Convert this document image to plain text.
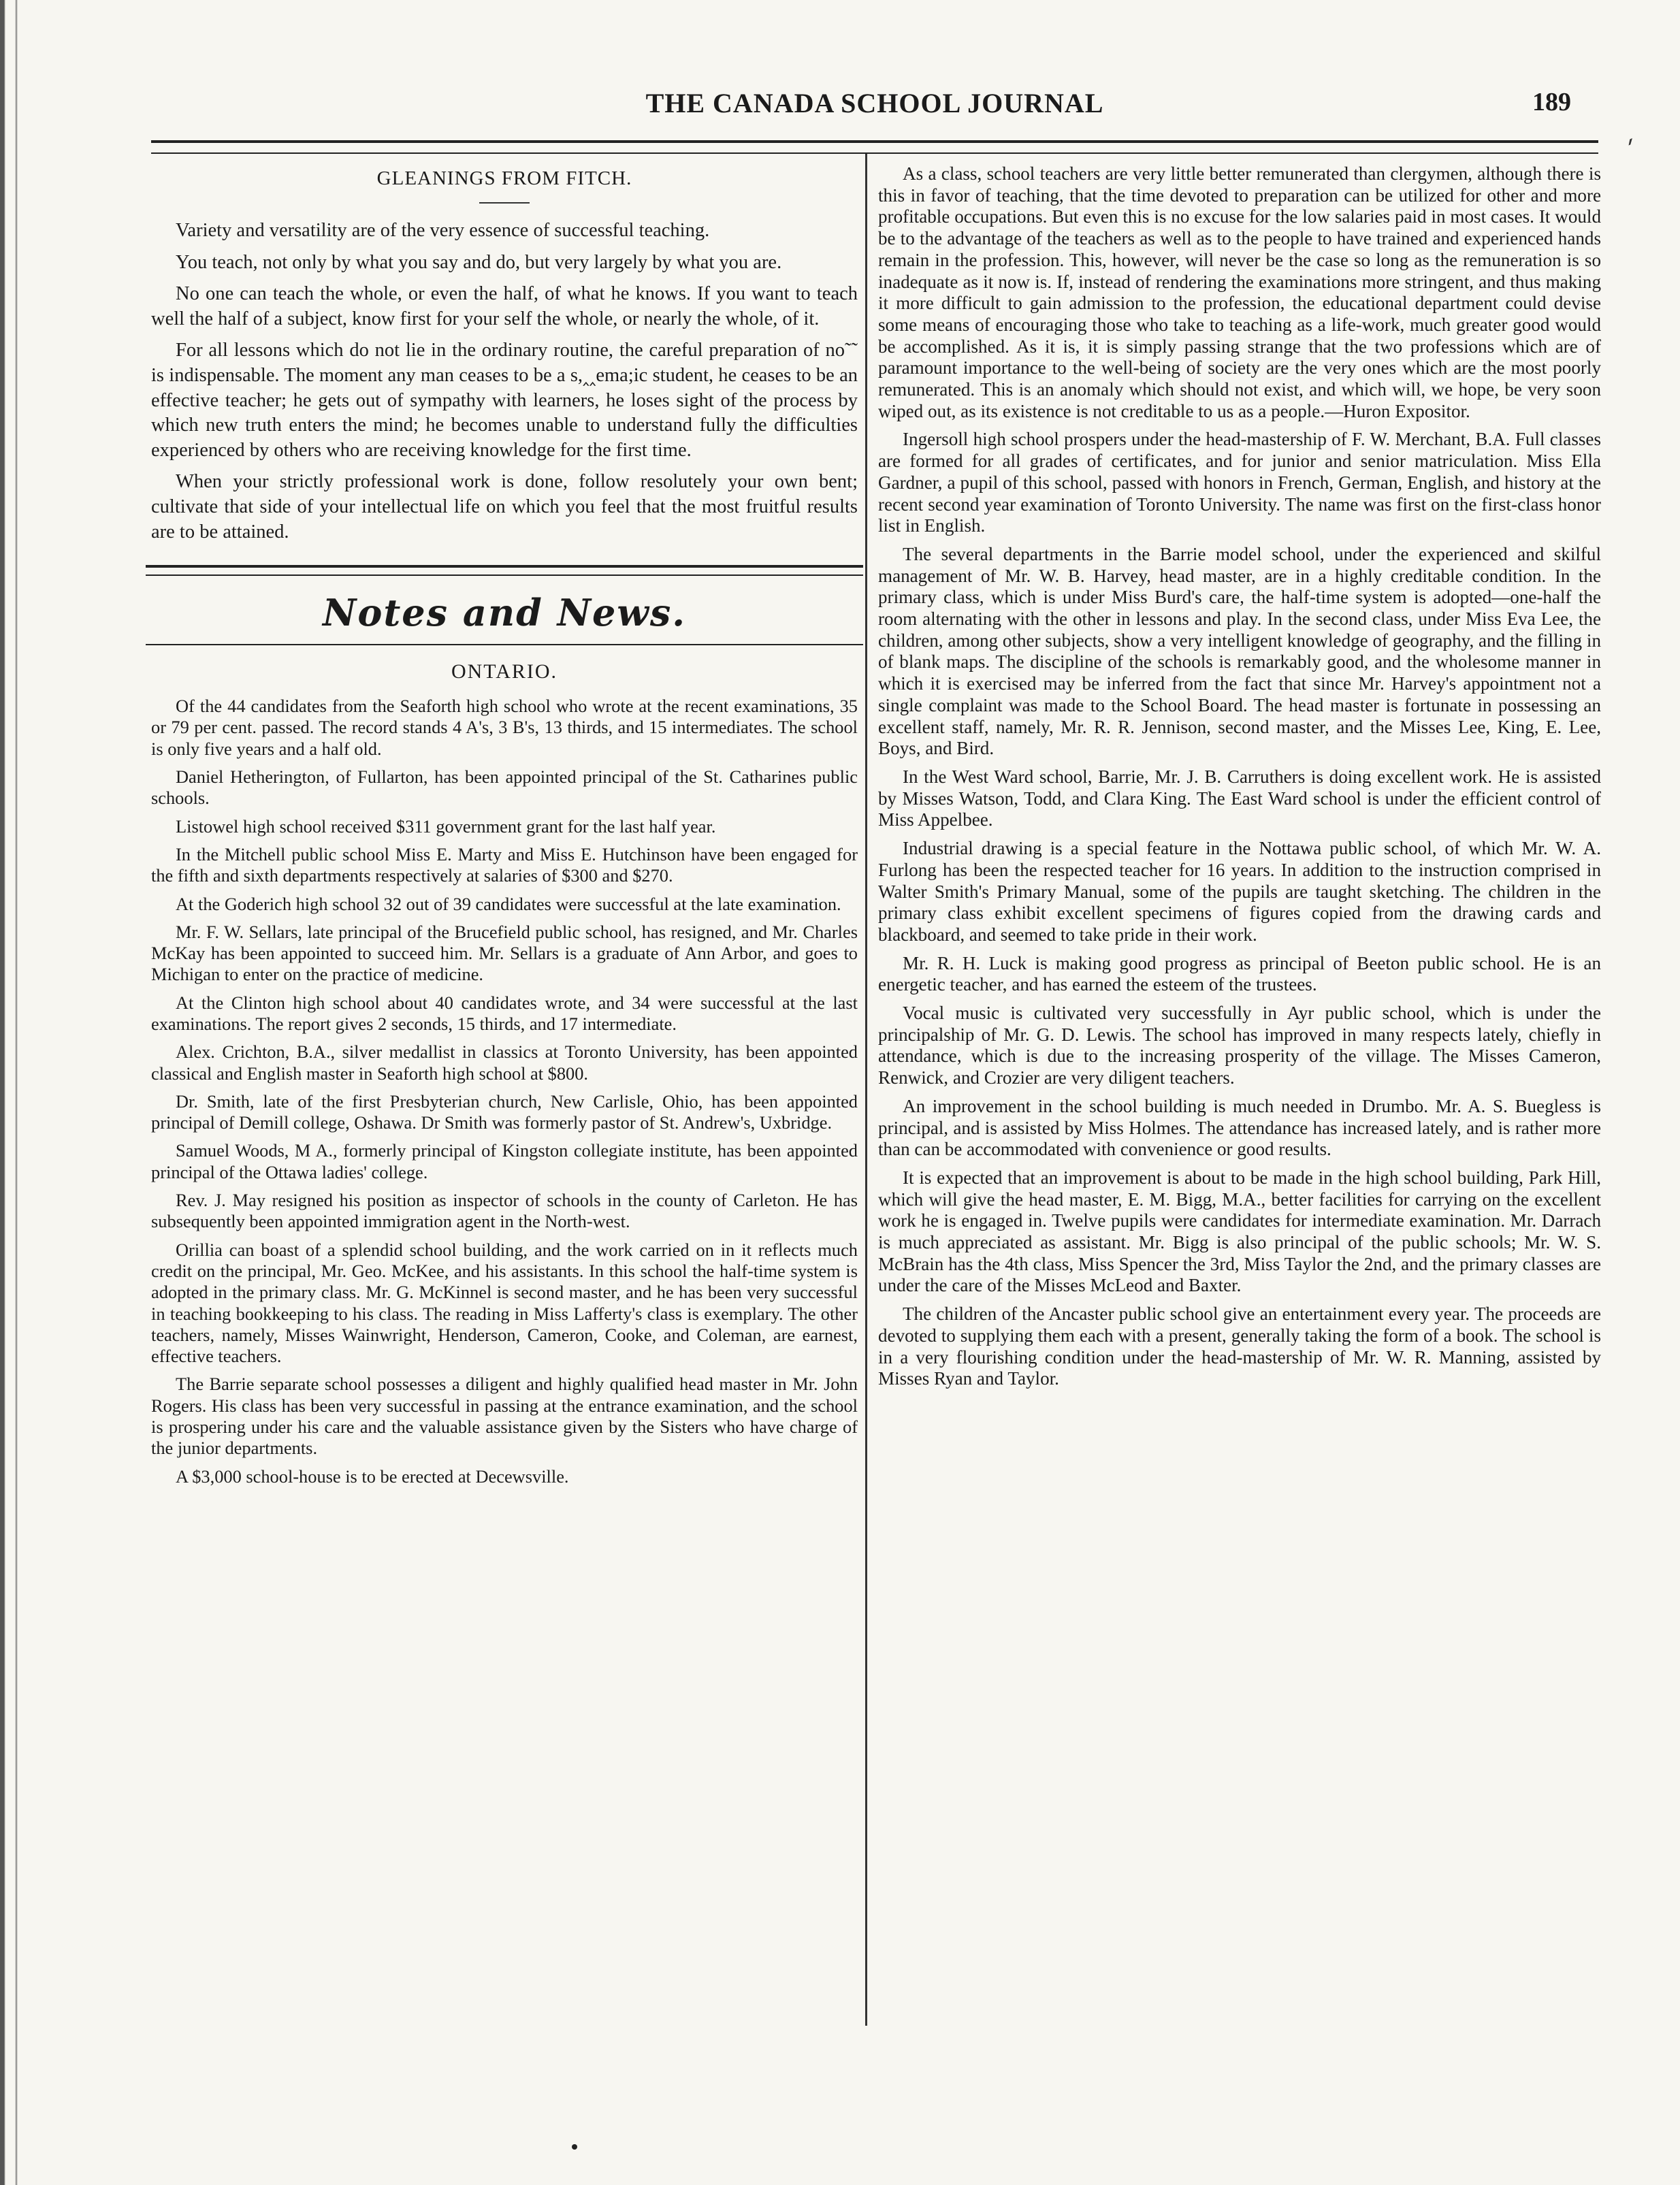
THE CANADA SCHOOL JOURNAL	189
GLEANINGS FROM FITCH.

Variety and versatility are of the very essence of successful teaching.

You teach, not only by what you say and do, but very largely by what you are.

No one can teach the whole, or even the half, of what he knows. If you want to teach well the half of a subject, know first for your self the whole, or nearly the whole, of it.

For all lessons which do not lie in the ordinary routine, the careful preparation of no˜˜ is indispensable. The moment any man ceases to be a s,‸‸ema;ic student, he ceases to be an effective teacher; he gets out of sympathy with learners, he loses sight of the process by which new truth enters the mind; he becomes unable to understand fully the difficulties experienced by others who are receiving knowledge for the first time.

When your strictly professional work is done, follow resolutely your own bent; cultivate that side of your intellectual life on which you feel that the most fruitful results are to be attained.

Notes and News.
ONTARIO.

Of the 44 candidates from the Seaforth high school who wrote at the recent examinations, 35 or 79 per cent. passed. The record stands 4 A's, 3 B's, 13 thirds, and 15 intermediates. The school is only five years and a half old.

Daniel Hetherington, of Fullarton, has been appointed principal of the St. Catharines public schools.

Listowel high school received $311 government grant for the last half year.

In the Mitchell public school Miss E. Marty and Miss E. Hutchinson have been engaged for the fifth and sixth departments respectively at salaries of $300 and $270.

At the Goderich high school 32 out of 39 candidates were successful at the late examination.

Mr. F. W. Sellars, late principal of the Brucefield public school, has resigned, and Mr. Charles McKay has been appointed to succeed him. Mr. Sellars is a graduate of Ann Arbor, and goes to Michigan to enter on the practice of medicine.

At the Clinton high school about 40 candidates wrote, and 34 were successful at the last examinations. The report gives 2 seconds, 15 thirds, and 17 intermediate.

Alex. Crichton, B.A., silver medallist in classics at Toronto University, has been appointed classical and English master in Seaforth high school at $800.

Dr. Smith, late of the first Presbyterian church, New Carlisle, Ohio, has been appointed principal of Demill college, Oshawa. Dr Smith was formerly pastor of St. Andrew's, Uxbridge.

Samuel Woods, M A., formerly principal of Kingston collegiate institute, has been appointed principal of the Ottawa ladies' college.

Rev. J. May resigned his position as inspector of schools in the county of Carleton. He has subsequently been appointed immigration agent in the North-west.

Orillia can boast of a splendid school building, and the work carried on in it reflects much credit on the principal, Mr. Geo. McKee, and his assistants. In this school the half-time system is adopted in the primary class. Mr. G. McKinnel is second master, and he has been very successful in teaching bookkeeping to his class. The reading in Miss Lafferty's class is exemplary. The other teachers, namely, Misses Wainwright, Henderson, Cameron, Cooke, and Coleman, are earnest, effective teachers.

The Barrie separate school possesses a diligent and highly qualified head master in Mr. John Rogers. His class has been very successful in passing at the entrance examination, and the school is prospering under his care and the valuable assistance given by the Sisters who have charge of the junior departments.

A $3,000 school-house is to be erected at Decewsville.

As a class, school teachers are very little better remunerated than clergymen, although there is this in favor of teaching, that the time devoted to preparation can be utilized for other and more profitable occupations. But even this is no excuse for the low salaries paid in most cases. It would be to the advantage of the teachers as well as to the people to have trained and experienced hands remain in the profession. This, however, will never be the case so long as the remuneration is so inadequate as it now is. If, instead of rendering the examinations more stringent, and thus making it more difficult to gain admission to the profession, the educational department could devise some means of encouraging those who take to teaching as a life-work, much greater good would be accomplished. As it is, it is simply passing strange that the two professions which are of paramount importance to the well-being of society are the very ones which are the most poorly remunerated. This is an anomaly which should not exist, and which will, we hope, be very soon wiped out, as its existence is not creditable to us as a people.—Huron Expositor.

Ingersoll high school prospers under the head-mastership of F. W. Merchant, B.A. Full classes are formed for all grades of certificates, and for junior and senior matriculation. Miss Ella Gardner, a pupil of this school, passed with honors in French, German, English, and history at the recent second year examination of Toronto University. The name was first on the first-class honor list in English.

The several departments in the Barrie model school, under the experienced and skilful management of Mr. W. B. Harvey, head master, are in a highly creditable condition. In the primary class, which is under Miss Burd's care, the half-time system is adopted—one-half the room alternating with the other in lessons and play. In the second class, under Miss Eva Lee, the children, among other subjects, show a very intelligent knowledge of geography, and the filling in of blank maps. The discipline of the schools is remarkably good, and the wholesome manner in which it is exercised may be inferred from the fact that since Mr. Harvey's appointment not a single complaint was made to the School Board. The head master is fortunate in possessing an excellent staff, namely, Mr. R. R. Jennison, second master, and the Misses Lee, King, E. Lee, Boys, and Bird.

In the West Ward school, Barrie, Mr. J. B. Carruthers is doing excellent work. He is assisted by Misses Watson, Todd, and Clara King. The East Ward school is under the efficient control of Miss Appelbee.

Industrial drawing is a special feature in the Nottawa public school, of which Mr. W. A. Furlong has been the respected teacher for 16 years. In addition to the instruction comprised in Walter Smith's Primary Manual, some of the pupils are taught sketching. The children in the primary class exhibit excellent specimens of figures copied from the drawing cards and blackboard, and seemed to take pride in their work.

Mr. R. H. Luck is making good progress as principal of Beeton public school. He is an energetic teacher, and has earned the esteem of the trustees.

Vocal music is cultivated very successfully in Ayr public school, which is under the principalship of Mr. G. D. Lewis. The school has improved in many respects lately, chiefly in attendance, which is due to the increasing prosperity of the village. The Misses Cameron, Renwick, and Crozier are very diligent teachers.

An improvement in the school building is much needed in Drumbo. Mr. A. S. Buegless is principal, and is assisted by Miss Holmes. The attendance has increased lately, and is rather more than can be accommodated with convenience or good results.

It is expected that an improvement is about to be made in the high school building, Park Hill, which will give the head master, E. M. Bigg, M.A., better facilities for carrying on the excellent work he is engaged in. Twelve pupils were candidates for intermediate examination. Mr. Darrach is much appreciated as assistant. Mr. Bigg is also principal of the public schools; Mr. W. S. McBrain has the 4th class, Miss Spencer the 3rd, Miss Taylor the 2nd, and the primary classes are under the care of the Misses McLeod and Baxter.

The children of the Ancaster public school give an entertainment every year. The proceeds are devoted to supplying them each with a present, generally taking the form of a book. The school is in a very flourishing condition under the head-mastership of Mr. W. R. Manning, assisted by Misses Ryan and Taylor.

ˊ
